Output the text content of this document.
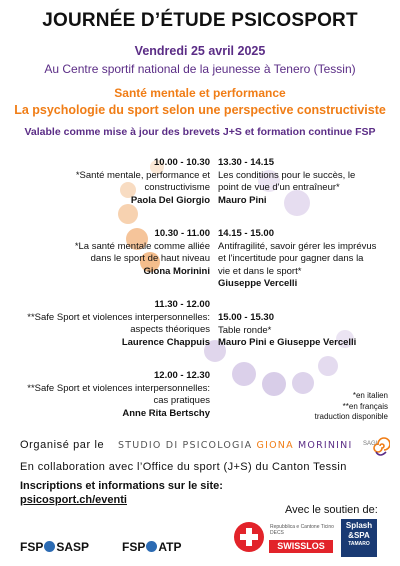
JOURNÉE D’ÉTUDE PSICOSPORT
Vendredi 25 avril 2025
Au Centre sportif national de la jeunesse à Tenero (Tessin)
Santé mentale et performance
La psychologie du sport selon une perspective constructiviste
Valable comme mise à jour des brevets J+S et formation continue FSP
10.00 - 10.30
*Santé mentale, performance et
constructivisme
Paola Del Giorgio
10.30 - 11.00
*La santé mentale comme alliée
dans le sport de haut niveau
Giona Morinini
11.30 - 12.00
**Safe Sport et violences interpersonnelles:
aspects théoriques
Laurence Chappuis
12.00 - 12.30
**Safe Sport et violences interpersonnelles:
cas pratiques
Anne Rita Bertschy
13.30 - 14.15
Les conditions pour le succès, le
point de vue d'un entraîneur*
Mauro Pini
14.15 - 15.00
Antifragilité, savoir gérer les imprévus
et l'incertitude pour gagner dans la
vie et dans le sport*
Giuseppe Vercelli
15.00 - 15.30
Table ronde*
Mauro Pini e Giuseppe Vercelli
*en italien
**en français
traduction disponible
Organisé par le STUDIO DI PSICOLOGIA GIONA MORININI SAGL
En collaboration avec l’Office du sport (J+S) du Canton Tessin
Inscriptions et informations sur le site:
psicosport.ch/eventi
Avec le soutien de:
FSP SASP	FSP ATP
Repubblica e Cantone Ticino DECS
SWISSLOS
Splash
&SPA
TAMARO
